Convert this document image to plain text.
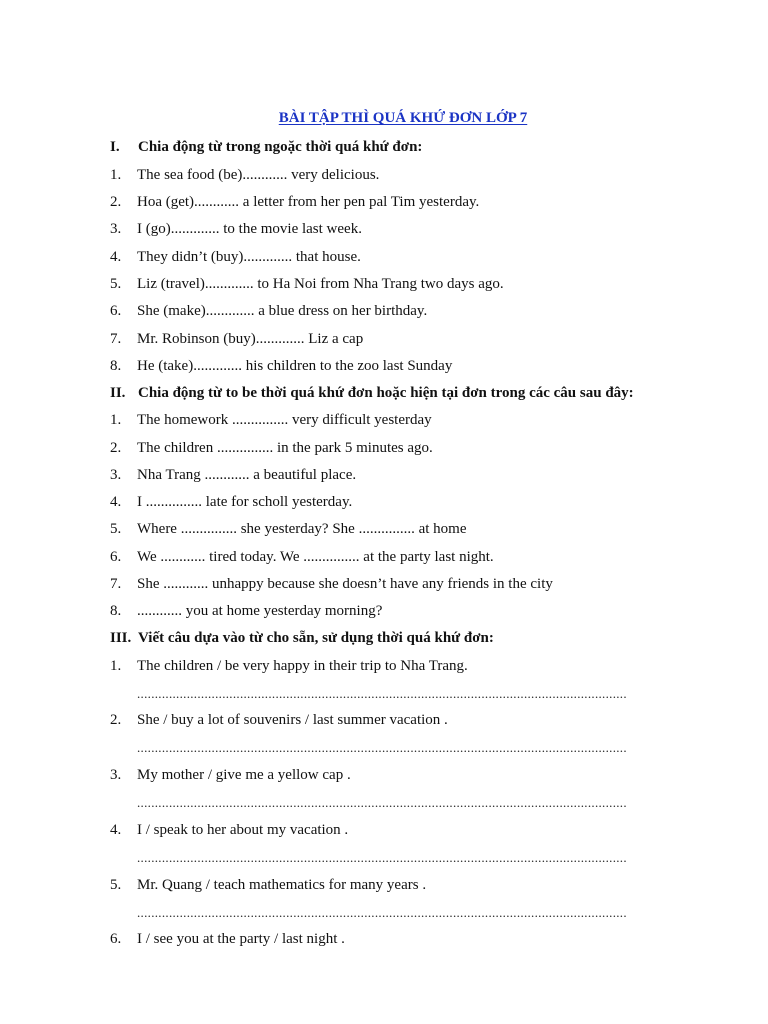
BÀI TẬP THÌ QUÁ KHỨ ĐƠN LỚP 7
I. Chia động từ trong ngoặc thời quá khứ đơn:
1. The sea food (be)............ very delicious.
2. Hoa (get)............ a letter from her pen pal Tim yesterday.
3. I (go)............. to the movie last week.
4. They didn’t (buy)............. that house.
5. Liz (travel)............. to Ha Noi from Nha Trang two days ago.
6. She (make)............. a blue dress on her birthday.
7. Mr. Robinson (buy)............. Liz a cap
8. He (take)............. his children to the zoo last Sunday
II. Chia động từ to be thời quá khứ đơn hoặc hiện tại đơn trong các câu sau đây:
1. The homework ............... very difficult yesterday
2. The children ............... in the park 5 minutes ago.
3. Nha Trang ............ a beautiful place.
4. I ............... late for scholl yesterday.
5. Where ............... she yesterday? She ............... at home
6. We ............ tired today. We ............... at the party last night.
7. She ............ unhappy because she doesn’t have any friends in the city
8. ............ you at home yesterday morning?
III. Viết câu dựa vào từ cho sẵn, sử dụng thời quá khứ đơn:
1. The children / be very happy in their trip to Nha Trang.
..........................................................................................................................................
2. She / buy a lot of souvenirs / last summer vacation .
..........................................................................................................................................
3. My mother / give me a yellow cap .
..........................................................................................................................................
4. I / speak to her about my vacation .
..........................................................................................................................................
5. Mr. Quang / teach mathematics for many years .
..........................................................................................................................................
6. I / see you at the party / last night .
